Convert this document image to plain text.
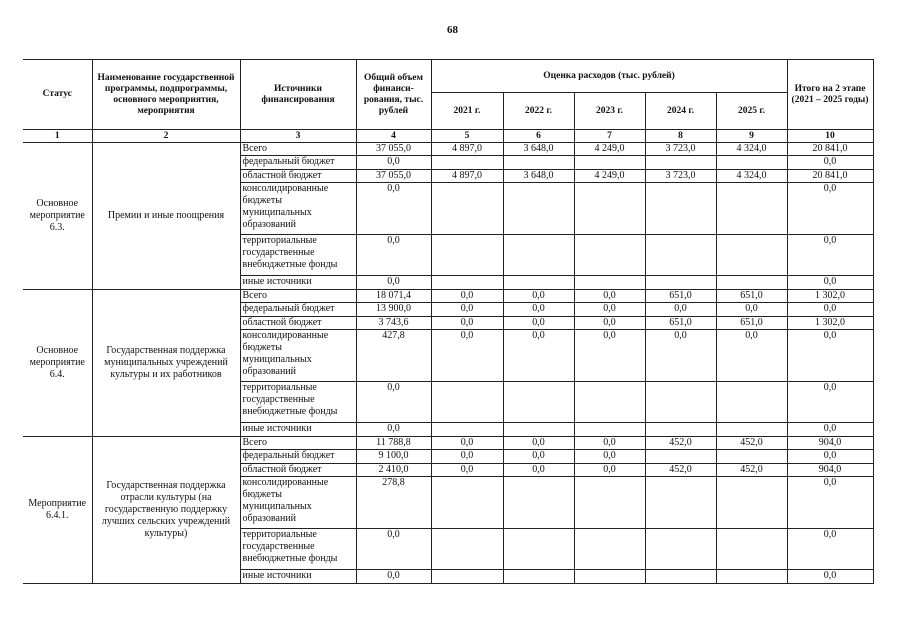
68
Статус	Наименование государственной программы, подпрограммы, основного мероприятия, мероприятия	Источники финансирования	Общий объем финанси-рования, тыс. рублей	Оценка расходов (тыс. рублей)					Итого на 2 этапе (2021 – 2025 годы)
				2021 г.	2022 г.	2023 г.	2024 г.	2025 г.	
1	2	3	4	5	6	7	8	9	10
Основное мероприятие 6.3.	Премии и иные поощрения	Всего	37 055,0	4 897,0	3 648,0	4 249,0	3 723,0	4 324,0	20 841,0
		федеральный бюджет	0,0						0,0
		областной бюджет	37 055,0	4 897,0	3 648,0	4 249,0	3 723,0	4 324,0	20 841,0
		консолидированные бюджеты муниципальных образований	0,0						0,0
		территориальные государственные внебюджетные фонды	0,0						0,0
		иные источники	0,0						0,0
Основное мероприятие 6.4.	Государственная поддержка муниципальных учреждений культуры и их работников	Всего	18 071,4	0,0	0,0	0,0	651,0	651,0	1 302,0
		федеральный бюджет	13 900,0	0,0	0,0	0,0	0,0	0,0	0,0
		областной бюджет	3 743,6	0,0	0,0	0,0	651,0	651,0	1 302,0
		консолидированные бюджеты муниципальных образований	427,8	0,0	0,0	0,0	0,0	0,0	0,0
		территориальные государственные внебюджетные фонды	0,0						0,0
		иные источники	0,0						0,0
Мероприятие 6.4.1.	Государственная поддержка отрасли культуры (на государственную поддержку лучших сельских учреждений культуры)	Всего	11 788,8	0,0	0,0	0,0	452,0	452,0	904,0
		федеральный бюджет	9 100,0	0,0	0,0	0,0			0,0
		областной бюджет	2 410,0	0,0	0,0	0,0	452,0	452,0	904,0
		консолидированные бюджеты муниципальных образований	278,8						0,0
		территориальные государственные внебюджетные фонды	0,0						0,0
		иные источники	0,0						0,0
